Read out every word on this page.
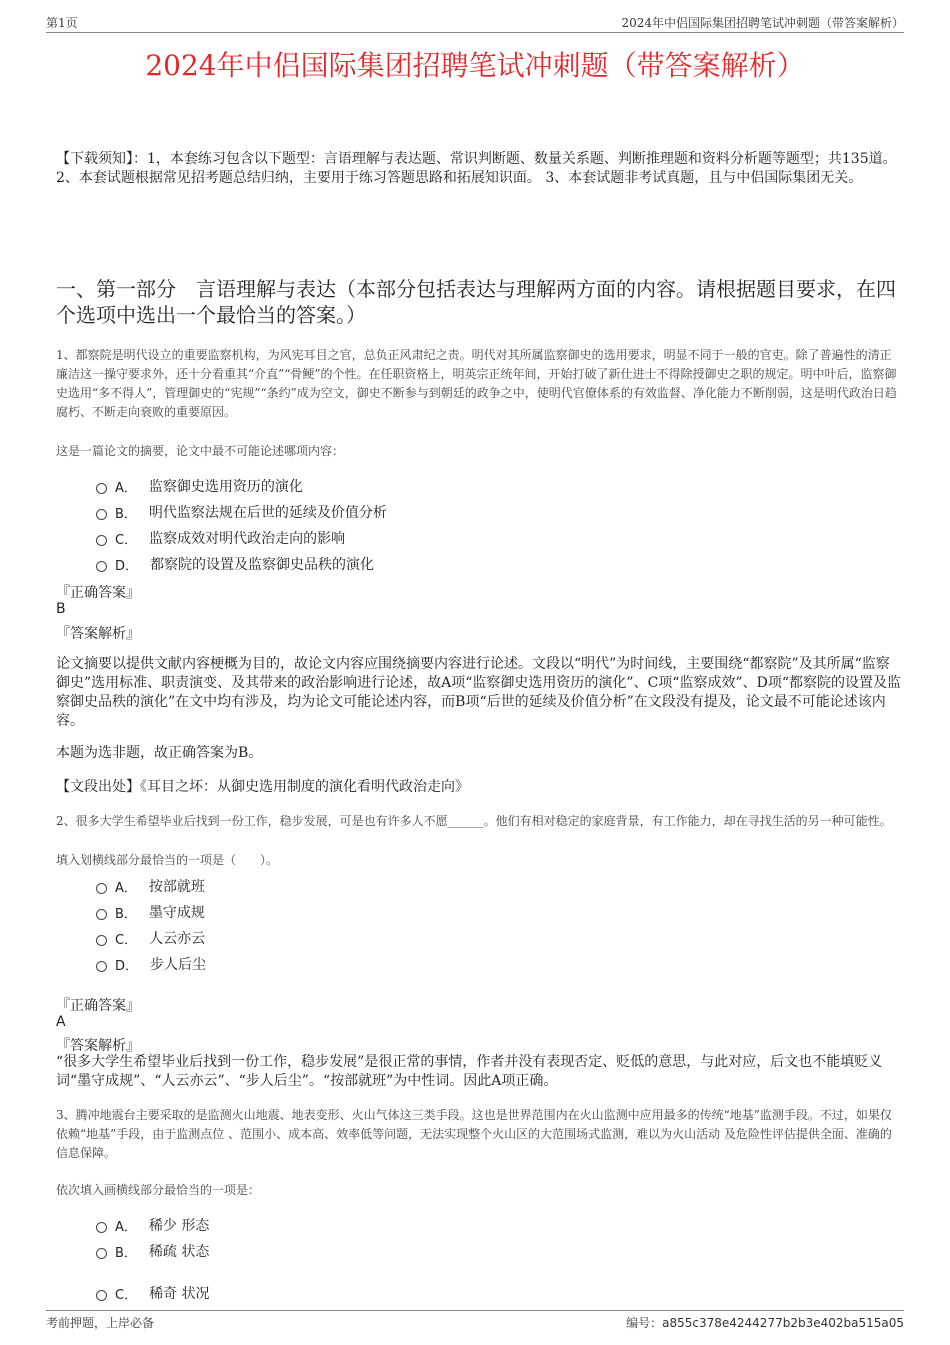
第1页	2024年中侣国际集团招聘笔试冲刺题（带答案解析）
2024年中侣国际集团招聘笔试冲刺题（带答案解析）
【下载须知】：1，本套练习包含以下题型：言语理解与表达题、常识判断题、数量关系题、判断推理题和资料分析题等题型；共135道。 2、本套试题根据常见招考题总结归纳，主要用于练习答题思路和拓展知识面。 3、本套试题非考试真题，且与中侣国际集团无关。
一、第一部分　言语理解与表达（本部分包括表达与理解两方面的内容。请根据题目要求，在四个选项中选出一个最恰当的答案。）
1、都察院是明代设立的重要监察机构，为风宪耳目之官，总负正风肃纪之责。明代对其所属监察御史的选用要求，明显不同于一般的官吏。除了普遍性的清正廉洁这一操守要求外，还十分看重其“介直”“骨鲠”的个性。在任职资格上，明英宗正统年间，开始打破了新仕进士不得除授御史之职的规定。明中叶后，监察御史选用“多不得人”，管理御史的“宪规”“条约”成为空文，御史不断参与到朝廷的政争之中，使明代官僚体系的有效监督、净化能力不断削弱，这是明代政治日趋腐朽、不断走向衰败的重要原因。
这是一篇论文的摘要，论文中最不可能论述哪项内容：
A． 监察御史选用资历的演化
B． 明代监察法规在后世的延续及价值分析
C． 监察成效对明代政治走向的影响
D． 都察院的设置及监察御史品秩的演化
『正确答案』
B
『答案解析』
论文摘要以提供文献内容梗概为目的，故论文内容应围绕摘要内容进行论述。文段以“明代”为时间线，主要围绕“都察院”及其所属“监察御史”选用标准、职责演变、及其带来的政治影响进行论述，故A项“监察御史选用资历的演化”、C项“监察成效”、D项“都察院的设置及监察御史品秩的演化”在文中均有涉及，均为论文可能论述内容，而B项“后世的延续及价值分析”在文段没有提及，论文最不可能论述该内容。
本题为选非题，故正确答案为B。
【文段出处】《耳目之坏：从御史选用制度的演化看明代政治走向》
2、很多大学生希望毕业后找到一份工作，稳步发展，可是也有许多人不愿______。他们有相对稳定的家庭背景，有工作能力，却在寻找生活的另一种可能性。
填入划横线部分最恰当的一项是（　　）。
A． 按部就班
B． 墨守成规
C． 人云亦云
D． 步人后尘
『正确答案』
A
『答案解析』
“很多大学生希望毕业后找到一份工作，稳步发展”是很正常的事情，作者并没有表现否定、贬低的意思，与此对应，后文也不能填贬义词“墨守成规”、“人云亦云”、“步人后尘”。“按部就班”为中性词。因此A项正确。
3、腾冲地震台主要采取的是监测火山地震、地表变形、火山气体这三类手段。这也是世界范围内在火山监测中应用最多的传统“地基”监测手段。不过，如果仅依赖“地基”手段，由于监测点位 、范围小、成本高、效率低等问题，无法实现整个火山区的大范围场式监测，难以为火山活动 及危险性评估提供全面、准确的信息保障。
依次填入画横线部分最恰当的一项是：
A． 稀少 形态
B． 稀疏 状态
C． 稀奇 状况
考前押题，上岸必备	编号：a855c378e4244277b2b3e402ba515a05
